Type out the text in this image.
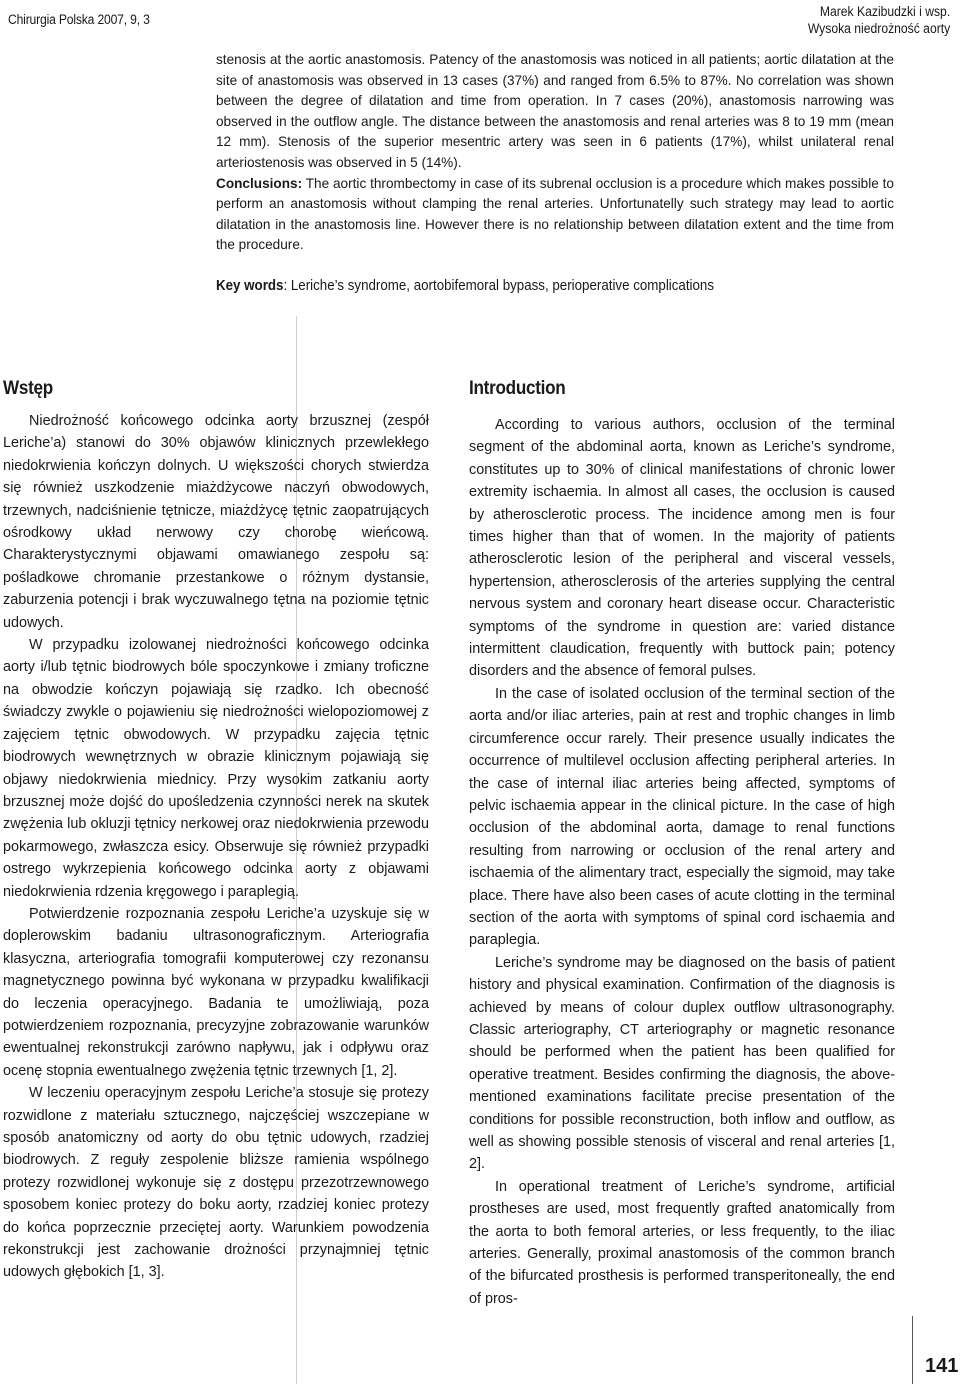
Chirurgia Polska 2007, 9, 3
Marek Kazibudzki i wsp.
Wysoka niedrożność aorty

stenosis at the aortic anastomosis. Patency of the anastomosis was noticed in all patients; aortic dilatation at the site of anastomosis was observed in 13 cases (37%) and ranged from 6.5% to 87%. No correlation was shown between the degree of dilatation and time from operation. In 7 cases (20%), anastomosis narrowing was observed in the outflow angle. The distance between the anastomosis and renal arteries was 8 to 19 mm (mean 12 mm). Stenosis of the superior mesentric artery was seen in 6 patients (17%), whilst unilateral renal arteriostenosis was observed in 5 (14%).

Conclusions: The aortic thrombectomy in case of its subrenal occlusion is a procedure which makes possible to perform an anastomosis without clamping the renal arteries. Unfortunatelly such strategy may lead to aortic dilatation in the anastomosis line. However there is no relationship between dilatation extent and the time from the procedure.

Key words: Leriche’s syndrome, aortobifemoral bypass, perioperative complications
Wstęp

Niedrożność końcowego odcinka aorty brzusznej (zespół Leriche’a) stanowi do 30% objawów klinicznych przewlekłego niedokrwienia kończyn dolnych. U większości chorych stwierdza się również uszkodzenie miażdżycowe naczyń obwodowych, trzewnych, nadciśnienie tętnicze, miażdżycę tętnic zaopatrujących ośrodkowy układ nerwowy czy chorobę wieńcową. Charakterystycznymi objawami omawianego zespołu są: pośladkowe chromanie przestankowe o różnym dystansie, zaburzenia potencji i brak wyczuwalnego tętna na poziomie tętnic udowych.

W przypadku izolowanej niedrożności końcowego odcinka aorty i/lub tętnic biodrowych bóle spoczynkowe i zmiany troficzne na obwodzie kończyn pojawiają się rzadko. Ich obecność świadczy zwykle o pojawieniu się niedrożności wielopoziomowej z zajęciem tętnic obwodowych. W przypadku zajęcia tętnic biodrowych wewnętrznych w obrazie klinicznym pojawiają się objawy niedokrwienia miednicy. Przy wysokim zatkaniu aorty brzusznej może dojść do upośledzenia czynności nerek na skutek zwężenia lub okluzji tętnicy nerkowej oraz niedokrwienia przewodu pokarmowego, zwłaszcza esicy. Obserwuje się również przypadki ostrego wykrzepienia końcowego odcinka aorty z objawami niedokrwienia rdzenia kręgowego i paraplegią.

Potwierdzenie rozpoznania zespołu Leriche’a uzyskuje się w doplerowskim badaniu ultrasonograficznym. Arteriografia klasyczna, arteriografia tomografii komputerowej czy rezonansu magnetycznego powinna być wykonana w przypadku kwalifikacji do leczenia operacyjnego. Badania te umożliwiają, poza potwierdzeniem rozpoznania, precyzyjne zobrazowanie warunków ewentualnej rekonstrukcji zarówno napływu, jak i odpływu oraz ocenę stopnia ewentualnego zwężenia tętnic trzewnych [1, 2].

W leczeniu operacyjnym zespołu Leriche’a stosuje się protezy rozwidlone z materiału sztucznego, najczęściej wszczepiane w sposób anatomiczny od aorty do obu tętnic udowych, rzadziej biodrowych. Z reguły zespolenie bliższe ramienia wspólnego protezy rozwidlonej wykonuje się z dostępu przezotrzewnowego sposobem koniec protezy do boku aorty, rzadziej koniec protezy do końca poprzecznie przeciętej aorty. Warunkiem powodzenia rekonstrukcji jest zachowanie drożności przynajmniej tętnic udowych głębokich [1, 3].

Introduction

According to various authors, occlusion of the terminal segment of the abdominal aorta, known as Leriche’s syndrome, constitutes up to 30% of clinical manifestations of chronic lower extremity ischaemia. In almost all cases, the occlusion is caused by atherosclerotic process. The incidence among men is four times higher than that of women. In the majority of patients atherosclerotic lesion of the peripheral and visceral vessels, hypertension, atherosclerosis of the arteries supplying the central nervous system and coronary heart disease occur. Characteristic symptoms of the syndrome in question are: varied distance intermittent claudication, frequently with buttock pain; potency disorders and the absence of femoral pulses.

In the case of isolated occlusion of the terminal section of the aorta and/or iliac arteries, pain at rest and trophic changes in limb circumference occur rarely. Their presence usually indicates the occurrence of multilevel occlusion affecting peripheral arteries. In the case of internal iliac arteries being affected, symptoms of pelvic ischaemia appear in the clinical picture. In the case of high occlusion of the abdominal aorta, damage to renal functions resulting from narrowing or occlusion of the renal artery and ischaemia of the alimentary tract, especially the sigmoid, may take place. There have also been cases of acute clotting in the terminal section of the aorta with symptoms of spinal cord ischaemia and paraplegia.

Leriche’s syndrome may be diagnosed on the basis of patient history and physical examination. Confirmation of the diagnosis is achieved by means of colour duplex outflow ultrasonography. Classic arteriography, CT arteriography or magnetic resonance should be performed when the patient has been qualified for operative treatment. Besides confirming the diagnosis, the above-mentioned examinations facilitate precise presentation of the conditions for possible reconstruction, both inflow and outflow, as well as showing possible stenosis of visceral and renal arteries [1, 2].

In operational treatment of Leriche’s syndrome, artificial prostheses are used, most frequently grafted anatomically from the aorta to both femoral arteries, or less frequently, to the iliac arteries. Generally, proximal anastomosis of the common branch of the bifurcated prosthesis is performed transperitoneally, the end of pros-

141
